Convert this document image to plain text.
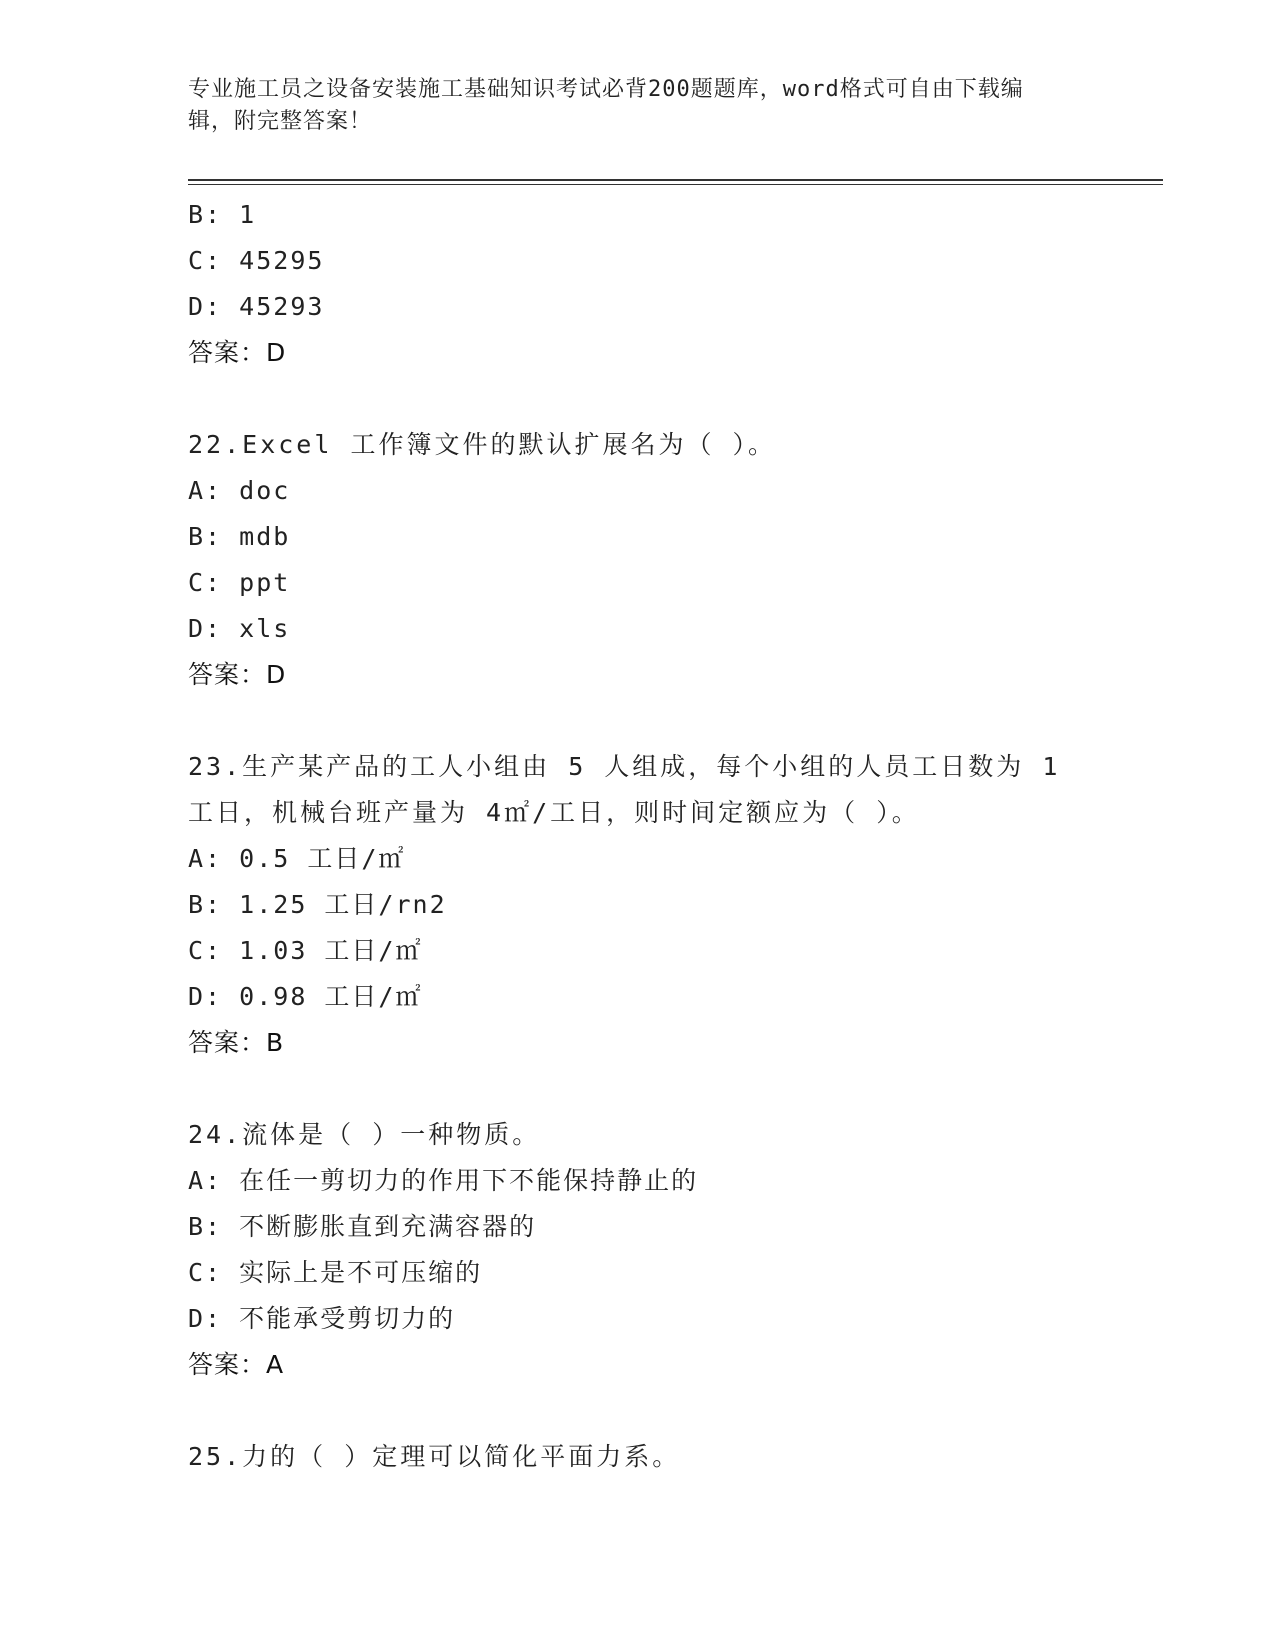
专业施工员之设备安装施工基础知识考试必背200题题库，word格式可自由下载编辑，附完整答案！
B: 1
C: 45295
D: 45293
答案：D
22.Excel 工作簿文件的默认扩展名为（ ）。
A: doc
B: mdb
C: ppt
D: xls
答案：D
23.生产某产品的工人小组由 5 人组成，每个小组的人员工日数为 1 工日，机械台班产量为 4㎡/工日，则时间定额应为（ ）。
A: 0.5 工日/㎡
B: 1.25 工日/rn2
C: 1.03 工日/㎡
D: 0.98 工日/㎡
答案：B
24.流体是（ ）一种物质。
A: 在任一剪切力的作用下不能保持静止的
B: 不断膨胀直到充满容器的
C: 实际上是不可压缩的
D: 不能承受剪切力的
答案：A
25.力的（ ）定理可以简化平面力系。
